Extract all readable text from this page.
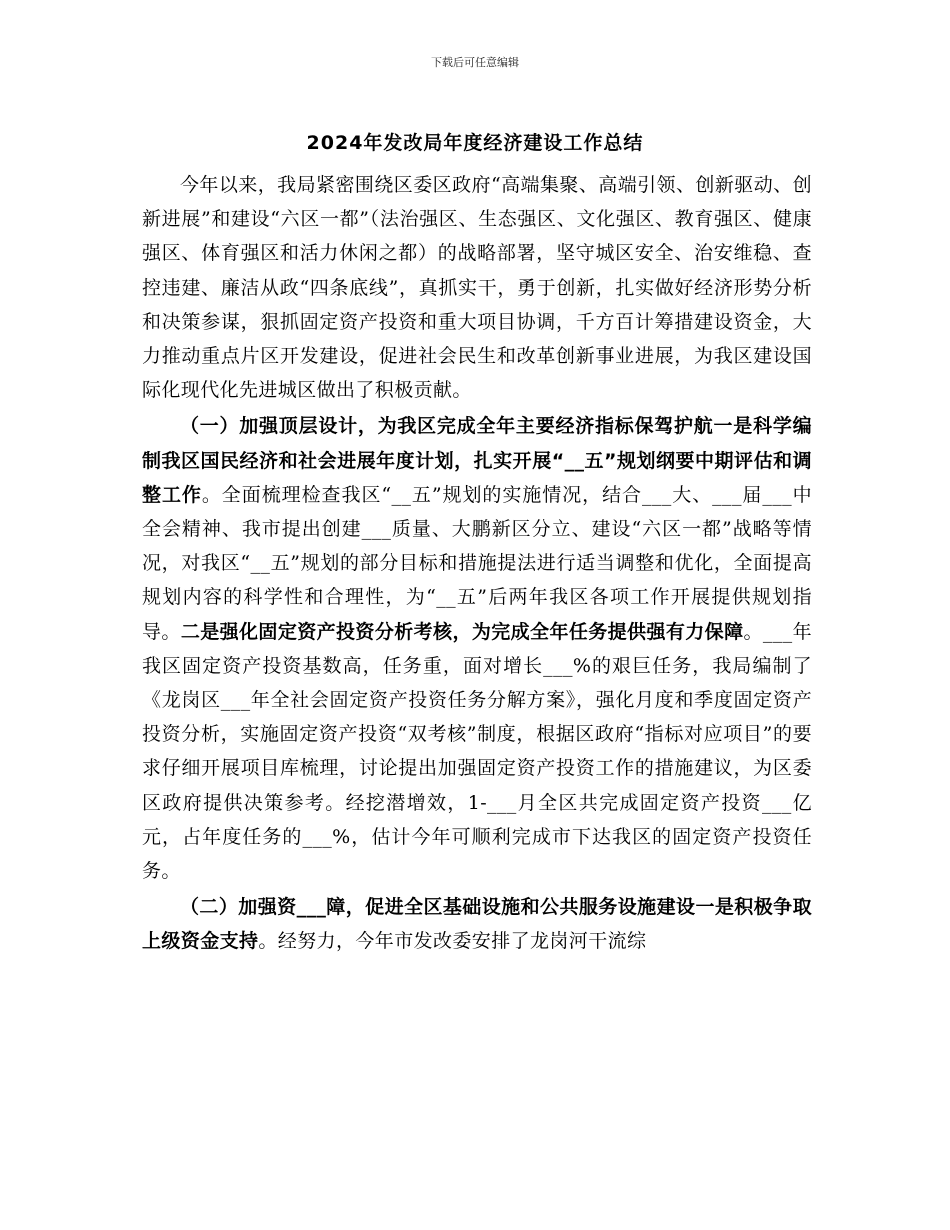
下载后可任意编辑
2024年发改局年度经济建设工作总结

今年以来，我局紧密围绕区委区政府“高端集聚、高端引领、创新驱动、创新进展”和建设“六区一都”（法治强区、生态强区、文化强区、教育强区、健康强区、体育强区和活力休闲之都）的战略部署，坚守城区安全、治安维稳、查控违建、廉洁从政“四条底线”，真抓实干，勇于创新，扎实做好经济形势分析和决策参谋，狠抓固定资产投资和重大项目协调，千方百计筹措建设资金，大力推动重点片区开发建设，促进社会民生和改革创新事业进展，为我区建设国际化现代化先进城区做出了积极贡献。

（一）加强顶层设计，为我区完成全年主要经济指标保驾护航一是科学编制我区国民经济和社会进展年度计划，扎实开展“__五”规划纲要中期评估和调整工作。全面梳理检查我区“__五”规划的实施情况，结合___大、___届___中全会精神、我市提出创建___质量、大鹏新区分立、建设“六区一都”战略等情况，对我区“__五”规划的部分目标和措施提法进行适当调整和优化，全面提高规划内容的科学性和合理性，为“__五”后两年我区各项工作开展提供规划指导。二是强化固定资产投资分析考核，为完成全年任务提供强有力保障。___年我区固定资产投资基数高，任务重，面对增长___%的艰巨任务，我局编制了《龙岗区___年全社会固定资产投资任务分解方案》，强化月度和季度固定资产投资分析，实施固定资产投资“双考核”制度，根据区政府“指标对应项目”的要求仔细开展项目库梳理，讨论提出加强固定资产投资工作的措施建议，为区委区政府提供决策参考。经挖潜增效，1-___月全区共完成固定资产投资___亿元，占年度任务的___%，估计今年可顺利完成市下达我区的固定资产投资任务。

（二）加强资___障，促进全区基础设施和公共服务设施建设一是积极争取上级资金支持。经努力，今年市发改委安排了龙岗河干流综
